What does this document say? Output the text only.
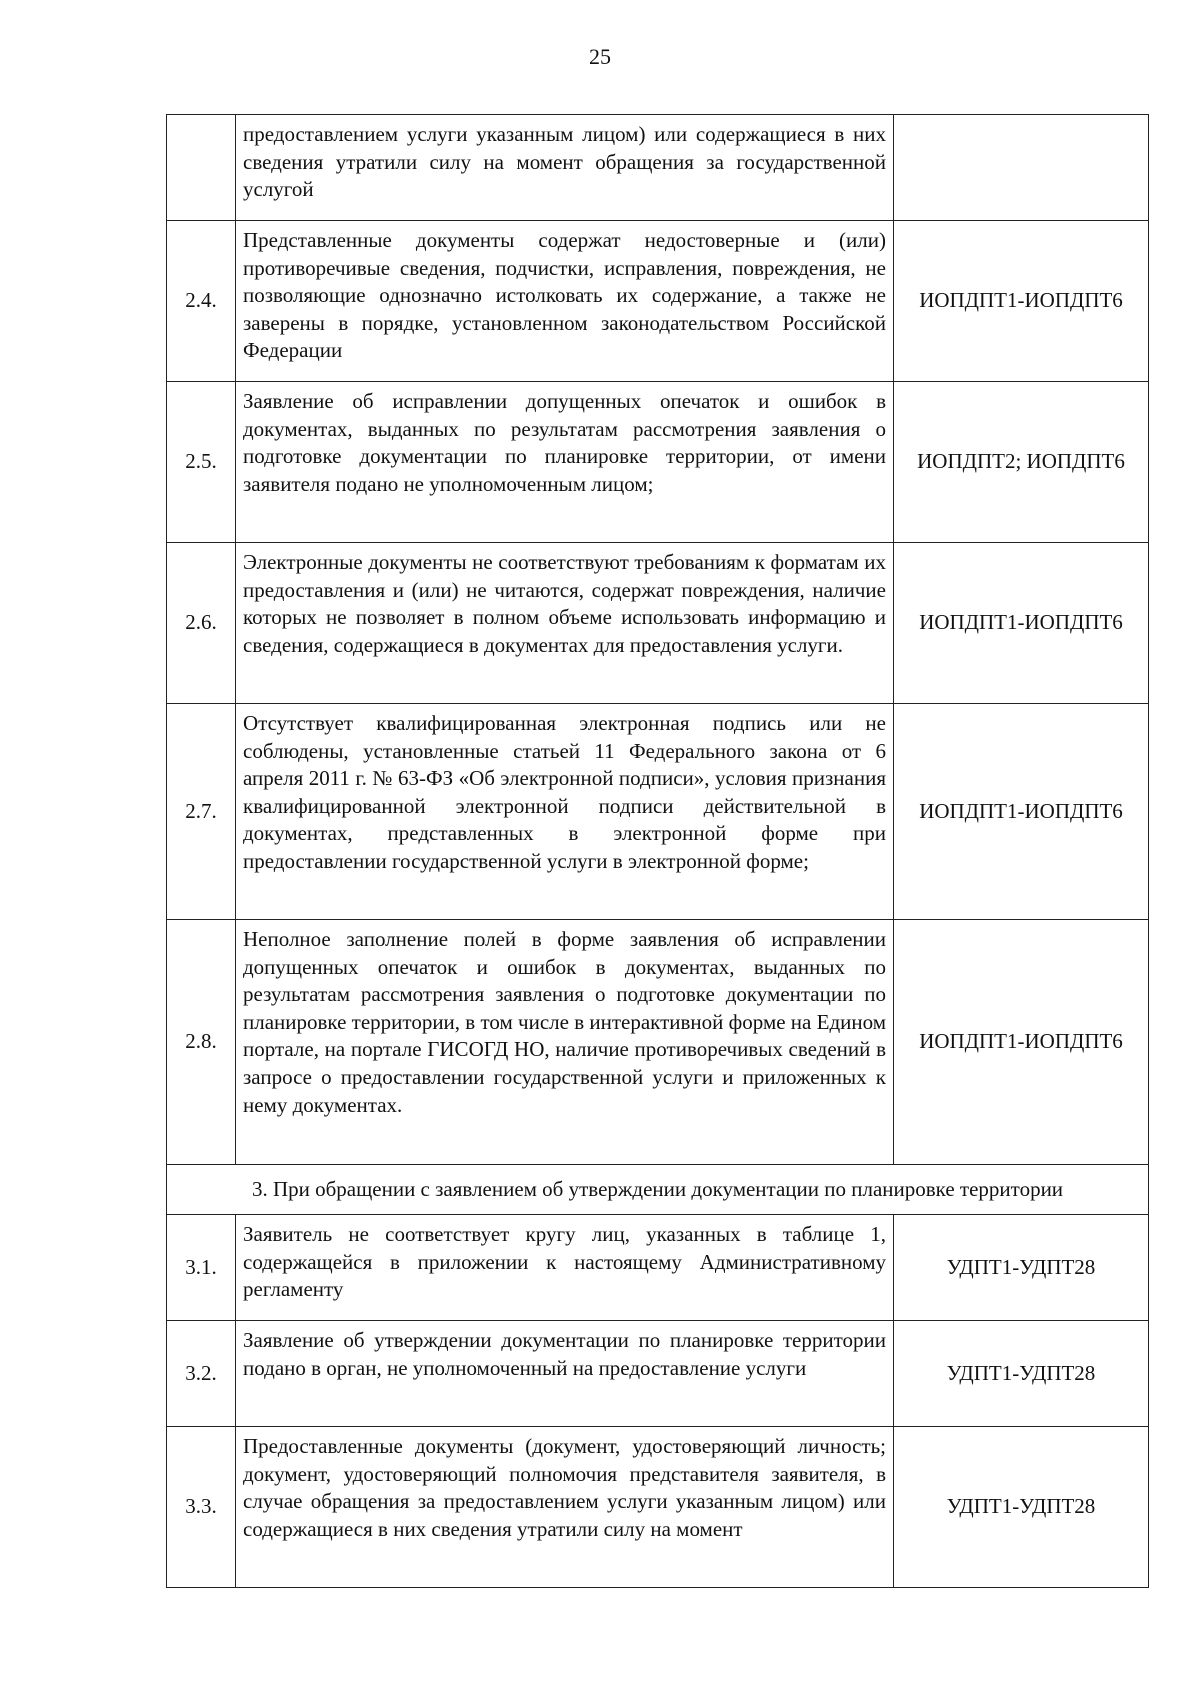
25
	предоставлением услуги указанным лицом) или содержащиеся в них сведения утратили силу на момент обращения за государственной услугой	
2.4.	Представленные документы содержат недостоверные и (или) противоречивые сведения, подчистки, исправления, повреждения, не позволяющие однозначно истолковать их содержание, а также не заверены в порядке, установленном законодательством Российской Федерации	ИОПДПТ1-ИОПДПТ6
2.5.	Заявление об исправлении допущенных опечаток и ошибок в документах, выданных по результатам рассмотрения заявления о подготовке документации по планировке территории, от имени заявителя подано не уполномоченным лицом;	ИОПДПТ2; ИОПДПТ6
2.6.	Электронные документы не соответствуют требованиям к форматам их предоставления и (или) не читаются, содержат повреждения, наличие которых не позволяет в полном объеме использовать информацию и сведения, содержащиеся в документах для предоставления услуги.	ИОПДПТ1-ИОПДПТ6
2.7.	Отсутствует квалифицированная электронная подпись или не соблюдены, установленные статьей 11 Федерального закона от 6 апреля 2011 г. № 63-ФЗ «Об электронной подписи», условия признания квалифицированной электронной подписи действительной в документах, представленных в электронной форме при предоставлении государственной услуги в электронной форме;	ИОПДПТ1-ИОПДПТ6
2.8.	Неполное заполнение полей в форме заявления об исправлении допущенных опечаток и ошибок в документах, выданных по результатам рассмотрения заявления о подготовке документации по планировке территории, в том числе в интерактивной форме на Едином портале, на портале ГИСОГД НО, наличие противоречивых сведений в запросе о предоставлении государственной услуги и приложенных к нему документах.	ИОПДПТ1-ИОПДПТ6
3. При обращении с заявлением об утверждении документации по планировке территории		
3.1.	Заявитель не соответствует кругу лиц, указанных в таблице 1, содержащейся в приложении к настоящему Административному регламенту	УДПТ1-УДПТ28
3.2.	Заявление об утверждении документации по планировке территории подано в орган, не уполномоченный на предоставление услуги	УДПТ1-УДПТ28
3.3.	Предоставленные документы (документ, удостоверяющий личность; документ, удостоверяющий полномочия представителя заявителя, в случае обращения за предоставлением услуги указанным лицом) или содержащиеся в них сведения утратили силу на момент	УДПТ1-УДПТ28
